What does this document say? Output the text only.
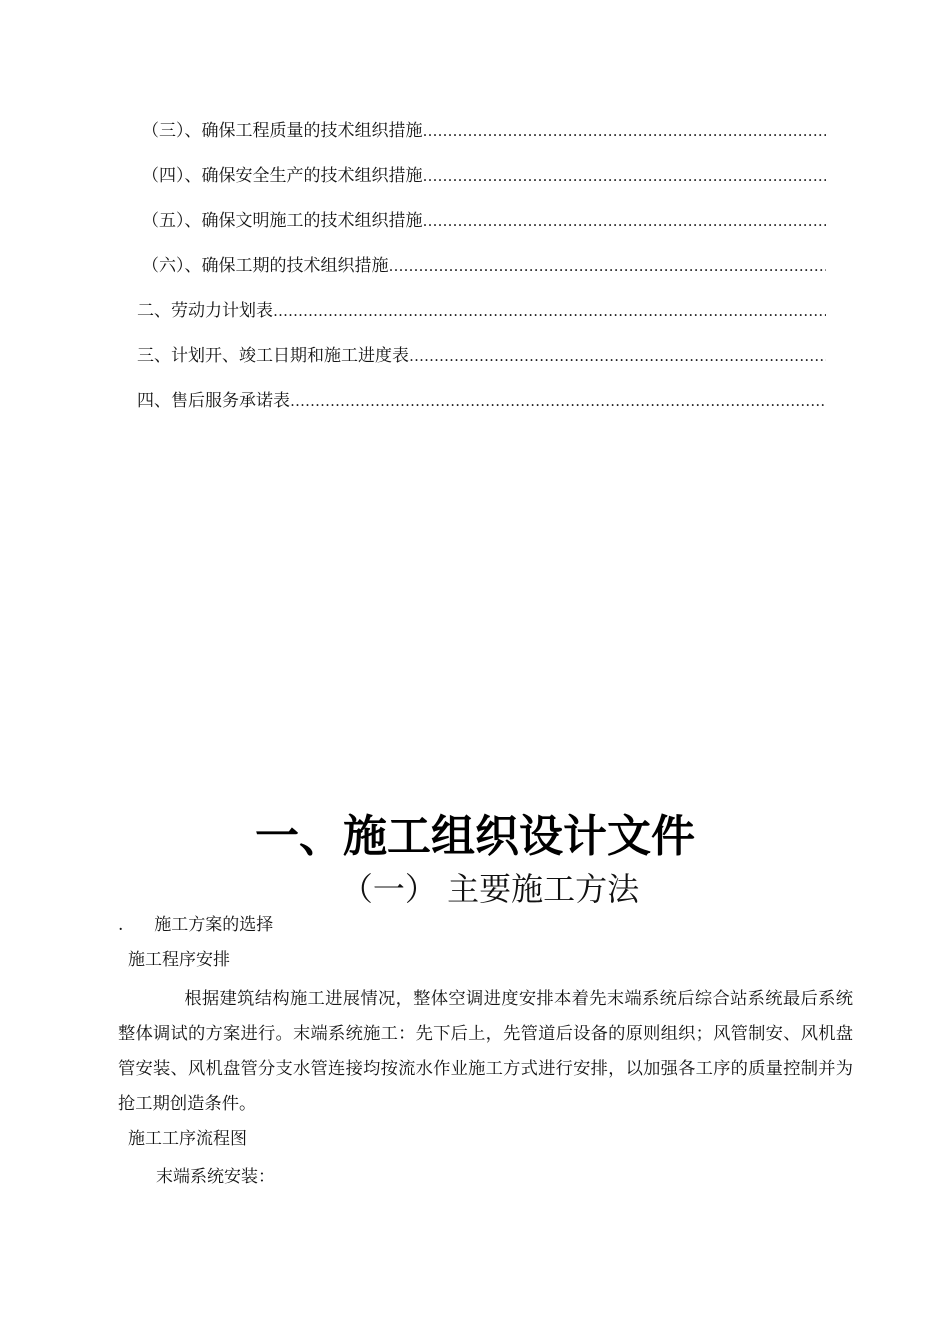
（三）、确保工程质量的技术组织措施
‥‥‥‥‥‥‥‥‥‥‥‥‥‥‥‥‥‥‥‥‥‥‥‥‥‥‥‥‥‥‥‥‥‥‥‥‥‥‥‥‥‥‥‥‥‥‥‥‥‥‥‥‥‥‥‥‥‥‥‥‥‥
（四）、确保安全生产的技术组织措施
‥‥‥‥‥‥‥‥‥‥‥‥‥‥‥‥‥‥‥‥‥‥‥‥‥‥‥‥‥‥‥‥‥‥‥‥‥‥‥‥‥‥‥‥‥‥‥‥‥‥‥‥‥‥‥‥‥‥‥‥‥‥
（五）、确保文明施工的技术组织措施
‥‥‥‥‥‥‥‥‥‥‥‥‥‥‥‥‥‥‥‥‥‥‥‥‥‥‥‥‥‥‥‥‥‥‥‥‥‥‥‥‥‥‥‥‥‥‥‥‥‥‥‥‥‥‥‥‥‥‥‥‥‥
（六）、确保工期的技术组织措施
‥‥‥‥‥‥‥‥‥‥‥‥‥‥‥‥‥‥‥‥‥‥‥‥‥‥‥‥‥‥‥‥‥‥‥‥‥‥‥‥‥‥‥‥‥‥‥‥‥‥‥‥‥‥‥‥‥‥‥‥‥‥
二、劳动力计划表
‥‥‥‥‥‥‥‥‥‥‥‥‥‥‥‥‥‥‥‥‥‥‥‥‥‥‥‥‥‥‥‥‥‥‥‥‥‥‥‥‥‥‥‥‥‥‥‥‥‥‥‥‥‥‥‥‥‥‥‥‥‥
三、计划开、竣工日期和施工进度表
‥‥‥‥‥‥‥‥‥‥‥‥‥‥‥‥‥‥‥‥‥‥‥‥‥‥‥‥‥‥‥‥‥‥‥‥‥‥‥‥‥‥‥‥‥‥‥‥‥‥‥‥‥‥‥‥‥‥‥‥‥‥
四、售后服务承诺表
‥‥‥‥‥‥‥‥‥‥‥‥‥‥‥‥‥‥‥‥‥‥‥‥‥‥‥‥‥‥‥‥‥‥‥‥‥‥‥‥‥‥‥‥‥‥‥‥‥‥‥‥‥‥‥‥‥‥‥‥‥‥
一、施工组织设计文件
（一） 主要施工方法
. 施工方案的选择
施工程序安排
根据建筑结构施工进展情况，整体空调进度安排本着先末端系统后综合站系统最后系统整体调试的方案进行。末端系统施工：先下后上，先管道后设备的原则组织；风管制安、风机盘管安装、风机盘管分支水管连接均按流水作业施工方式进行安排，以加强各工序的质量控制并为抢工期创造条件。
施工工序流程图
末端系统安装：
